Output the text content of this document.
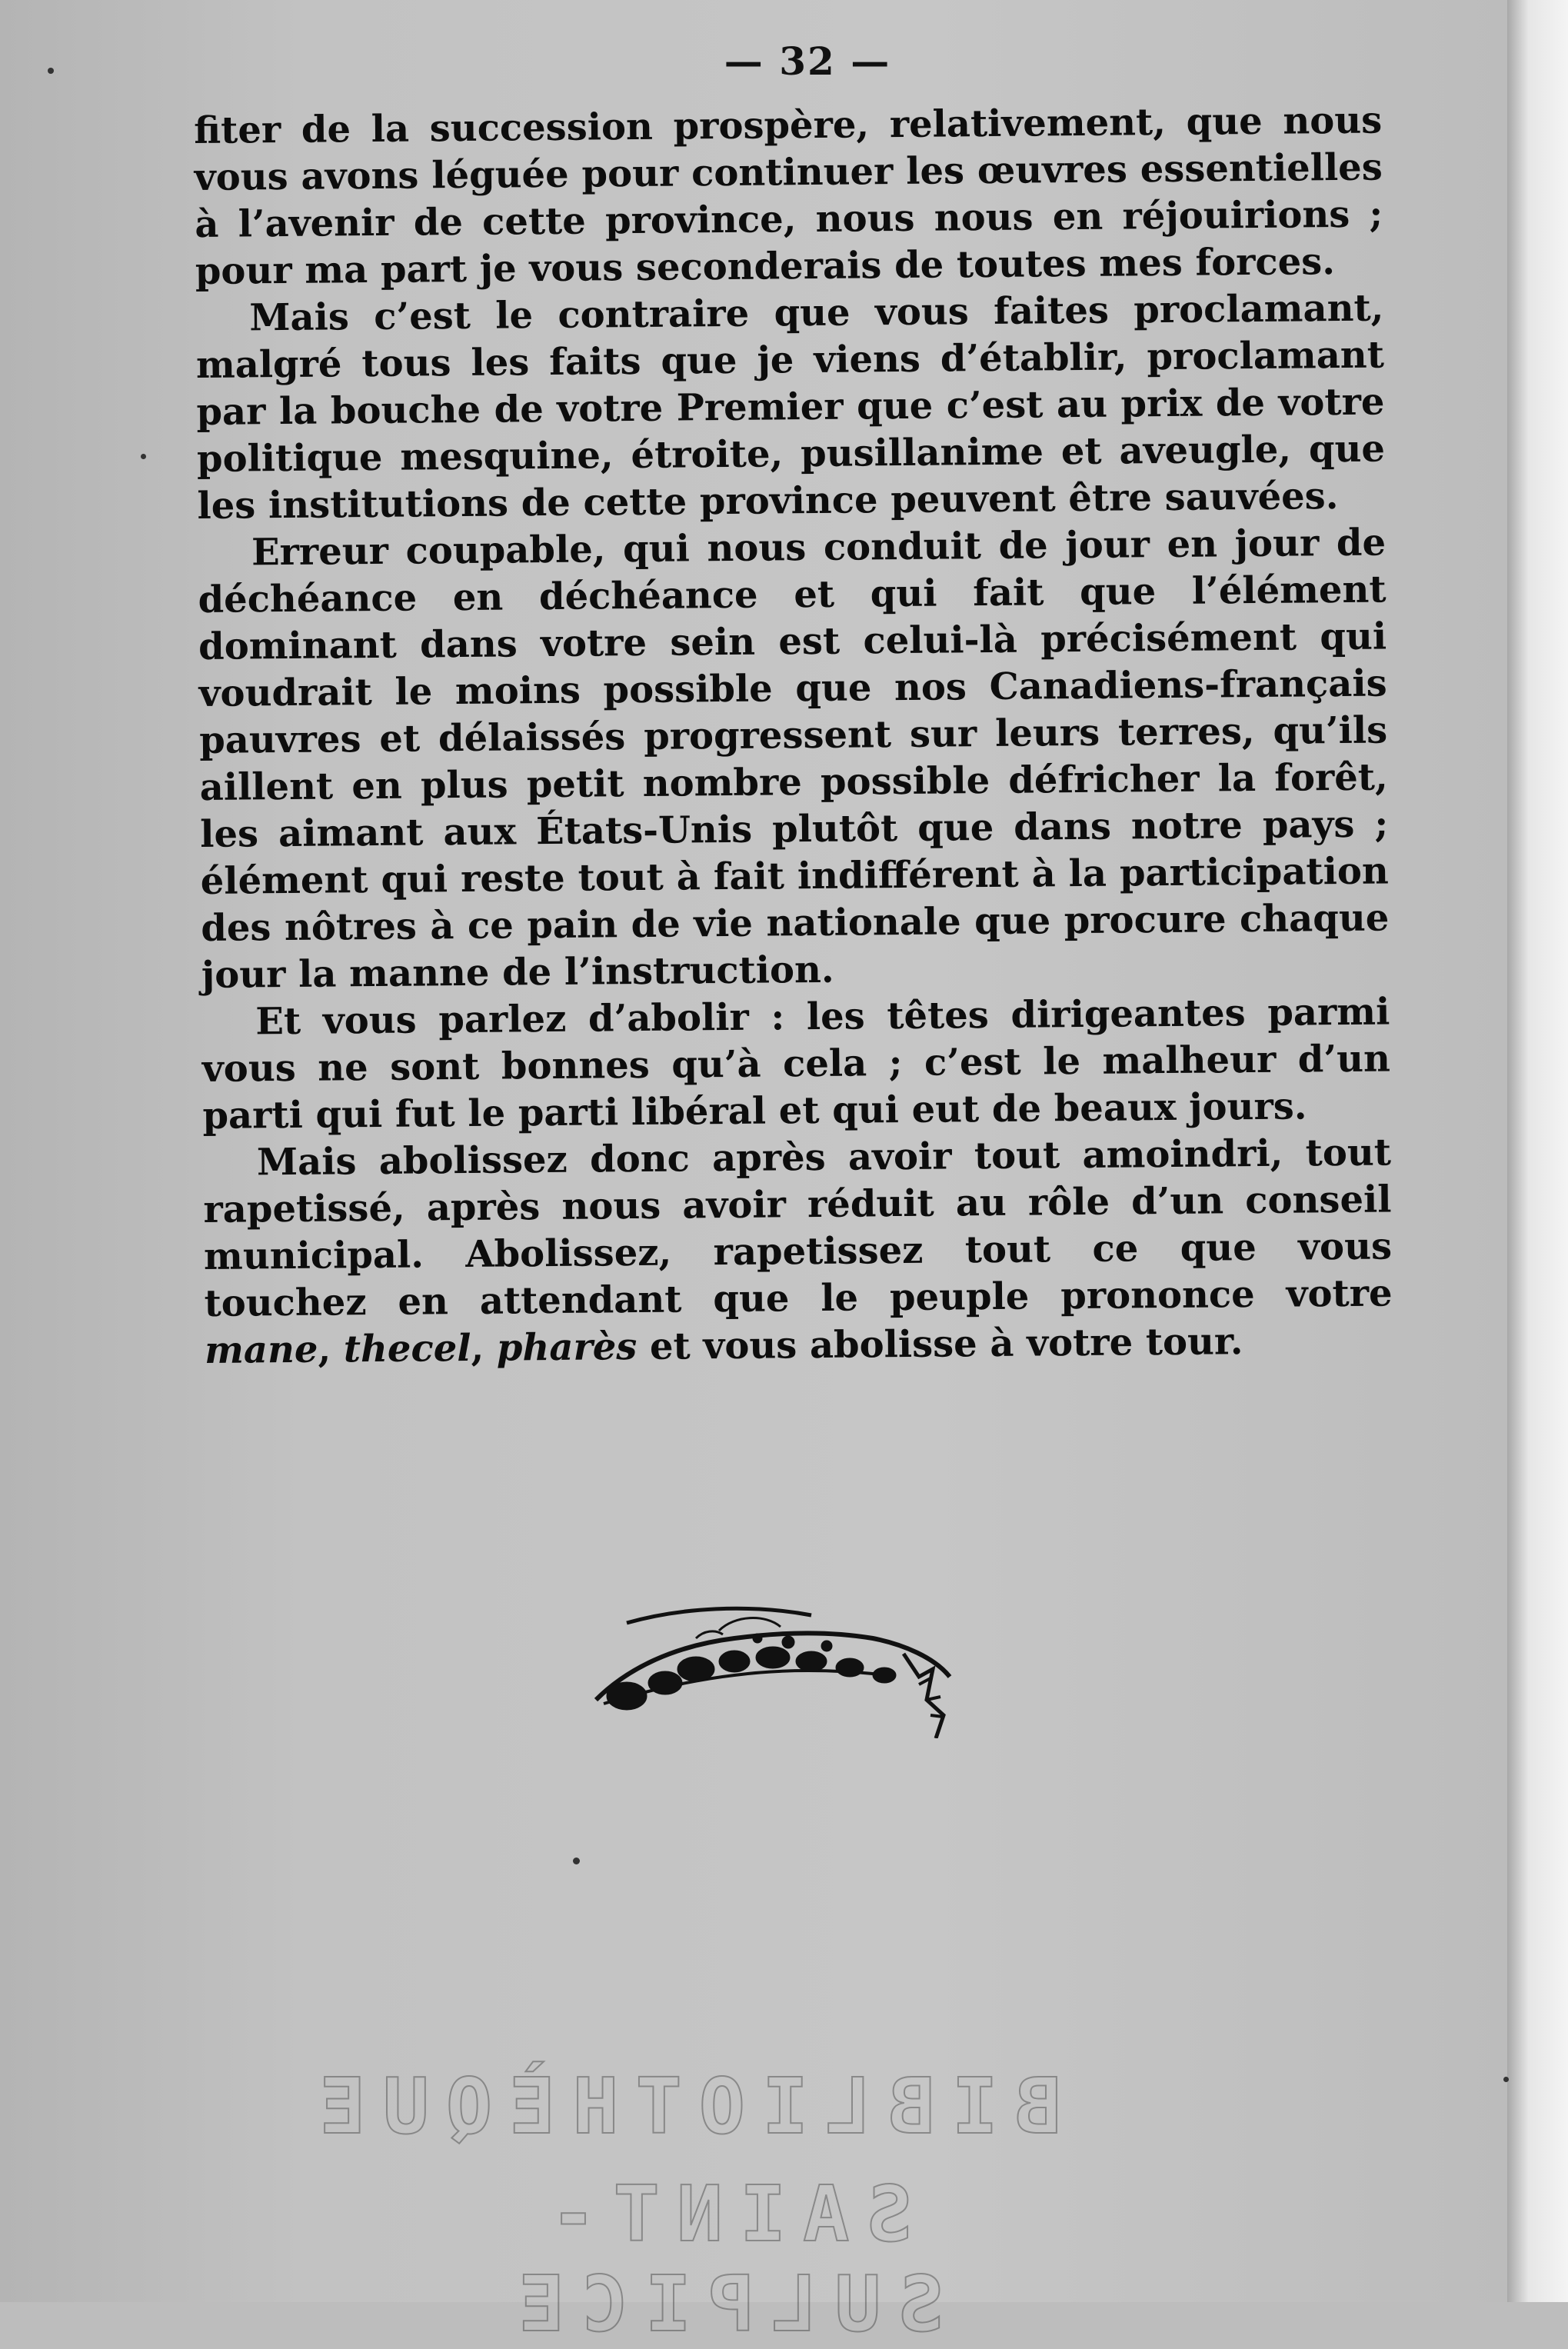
— 32 —

fiter de la succession prospère, relativement, que nous vous avons léguée pour continuer les œuvres essentielles à l’avenir de cette province, nous nous en réjouirions ; pour ma part je vous seconderais de toutes mes forces.

Mais c’est le contraire que vous faites proclamant, malgré tous les faits que je viens d’établir, proclamant par la bouche de votre Premier que c’est au prix de votre politique mesquine, étroite, pusillanime et aveugle, que les institutions de cette province peuvent être sauvées.

Erreur coupable, qui nous conduit de jour en jour de déchéance en déchéance et qui fait que l’élément dominant dans votre sein est celui-là précisément qui voudrait le moins possible que nos Canadiens-français pauvres et délaissés progressent sur leurs terres, qu’ils aillent en plus petit nombre possible défricher la forêt, les aimant aux États-Unis plutôt que dans notre pays ; élément qui reste tout à fait indifférent à la participation des nôtres à ce pain de vie nationale que procure chaque jour la manne de l’instruction.

Et vous parlez d’abolir : les têtes dirigeantes parmi vous ne sont bonnes qu’à cela ; c’est le malheur d’un parti qui fut le parti libéral et qui eut de beaux jours.

Mais abolissez donc après avoir tout amoindri, tout rapetissé, après nous avoir réduit au rôle d’un conseil municipal. Abolissez, rapetissez tout ce que vous touchez en attendant que le peuple prononce votre mane, thecel, pharès et vous abolisse à votre tour.

BIBLIOTHÈQUE
SAINT-SULPICE
